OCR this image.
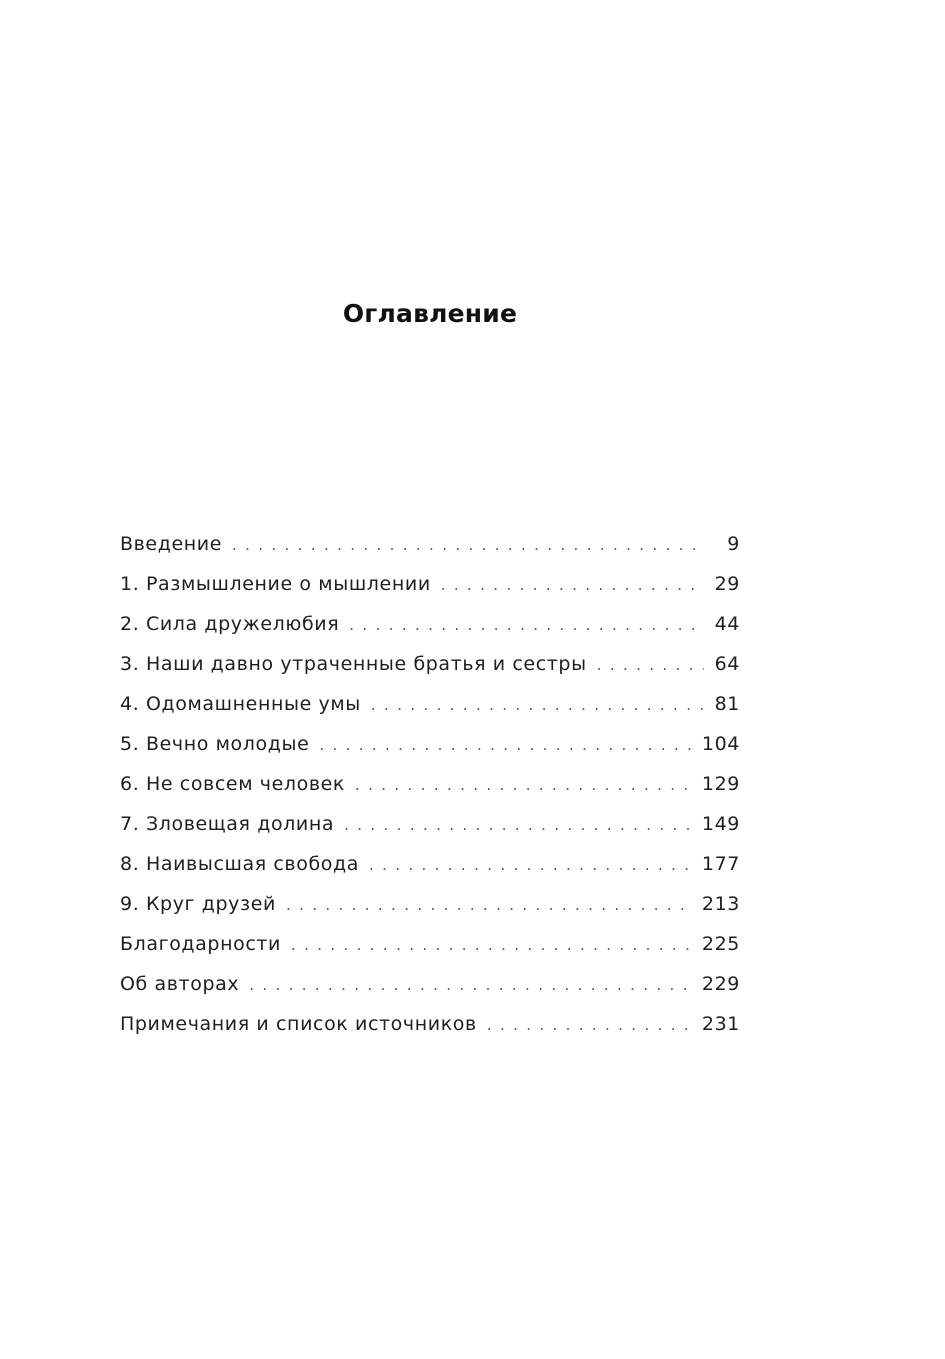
Оглавление
Введение . . .	9
1. Размышление о мышлении . . .	29
2. Сила дружелюбия . . .	44
3. Наши давно утраченные братья и сестры . . .	64
4. Одомашненные умы . . .	81
5. Вечно молодые . . .	104
6. Не совсем человек . . .	129
7. Зловещая долина . . .	149
8. Наивысшая свобода . . .	177
9. Круг друзей . . .	213
Благодарности . . .	225
Об авторах . . .	229
Примечания и список источников . . .	231
